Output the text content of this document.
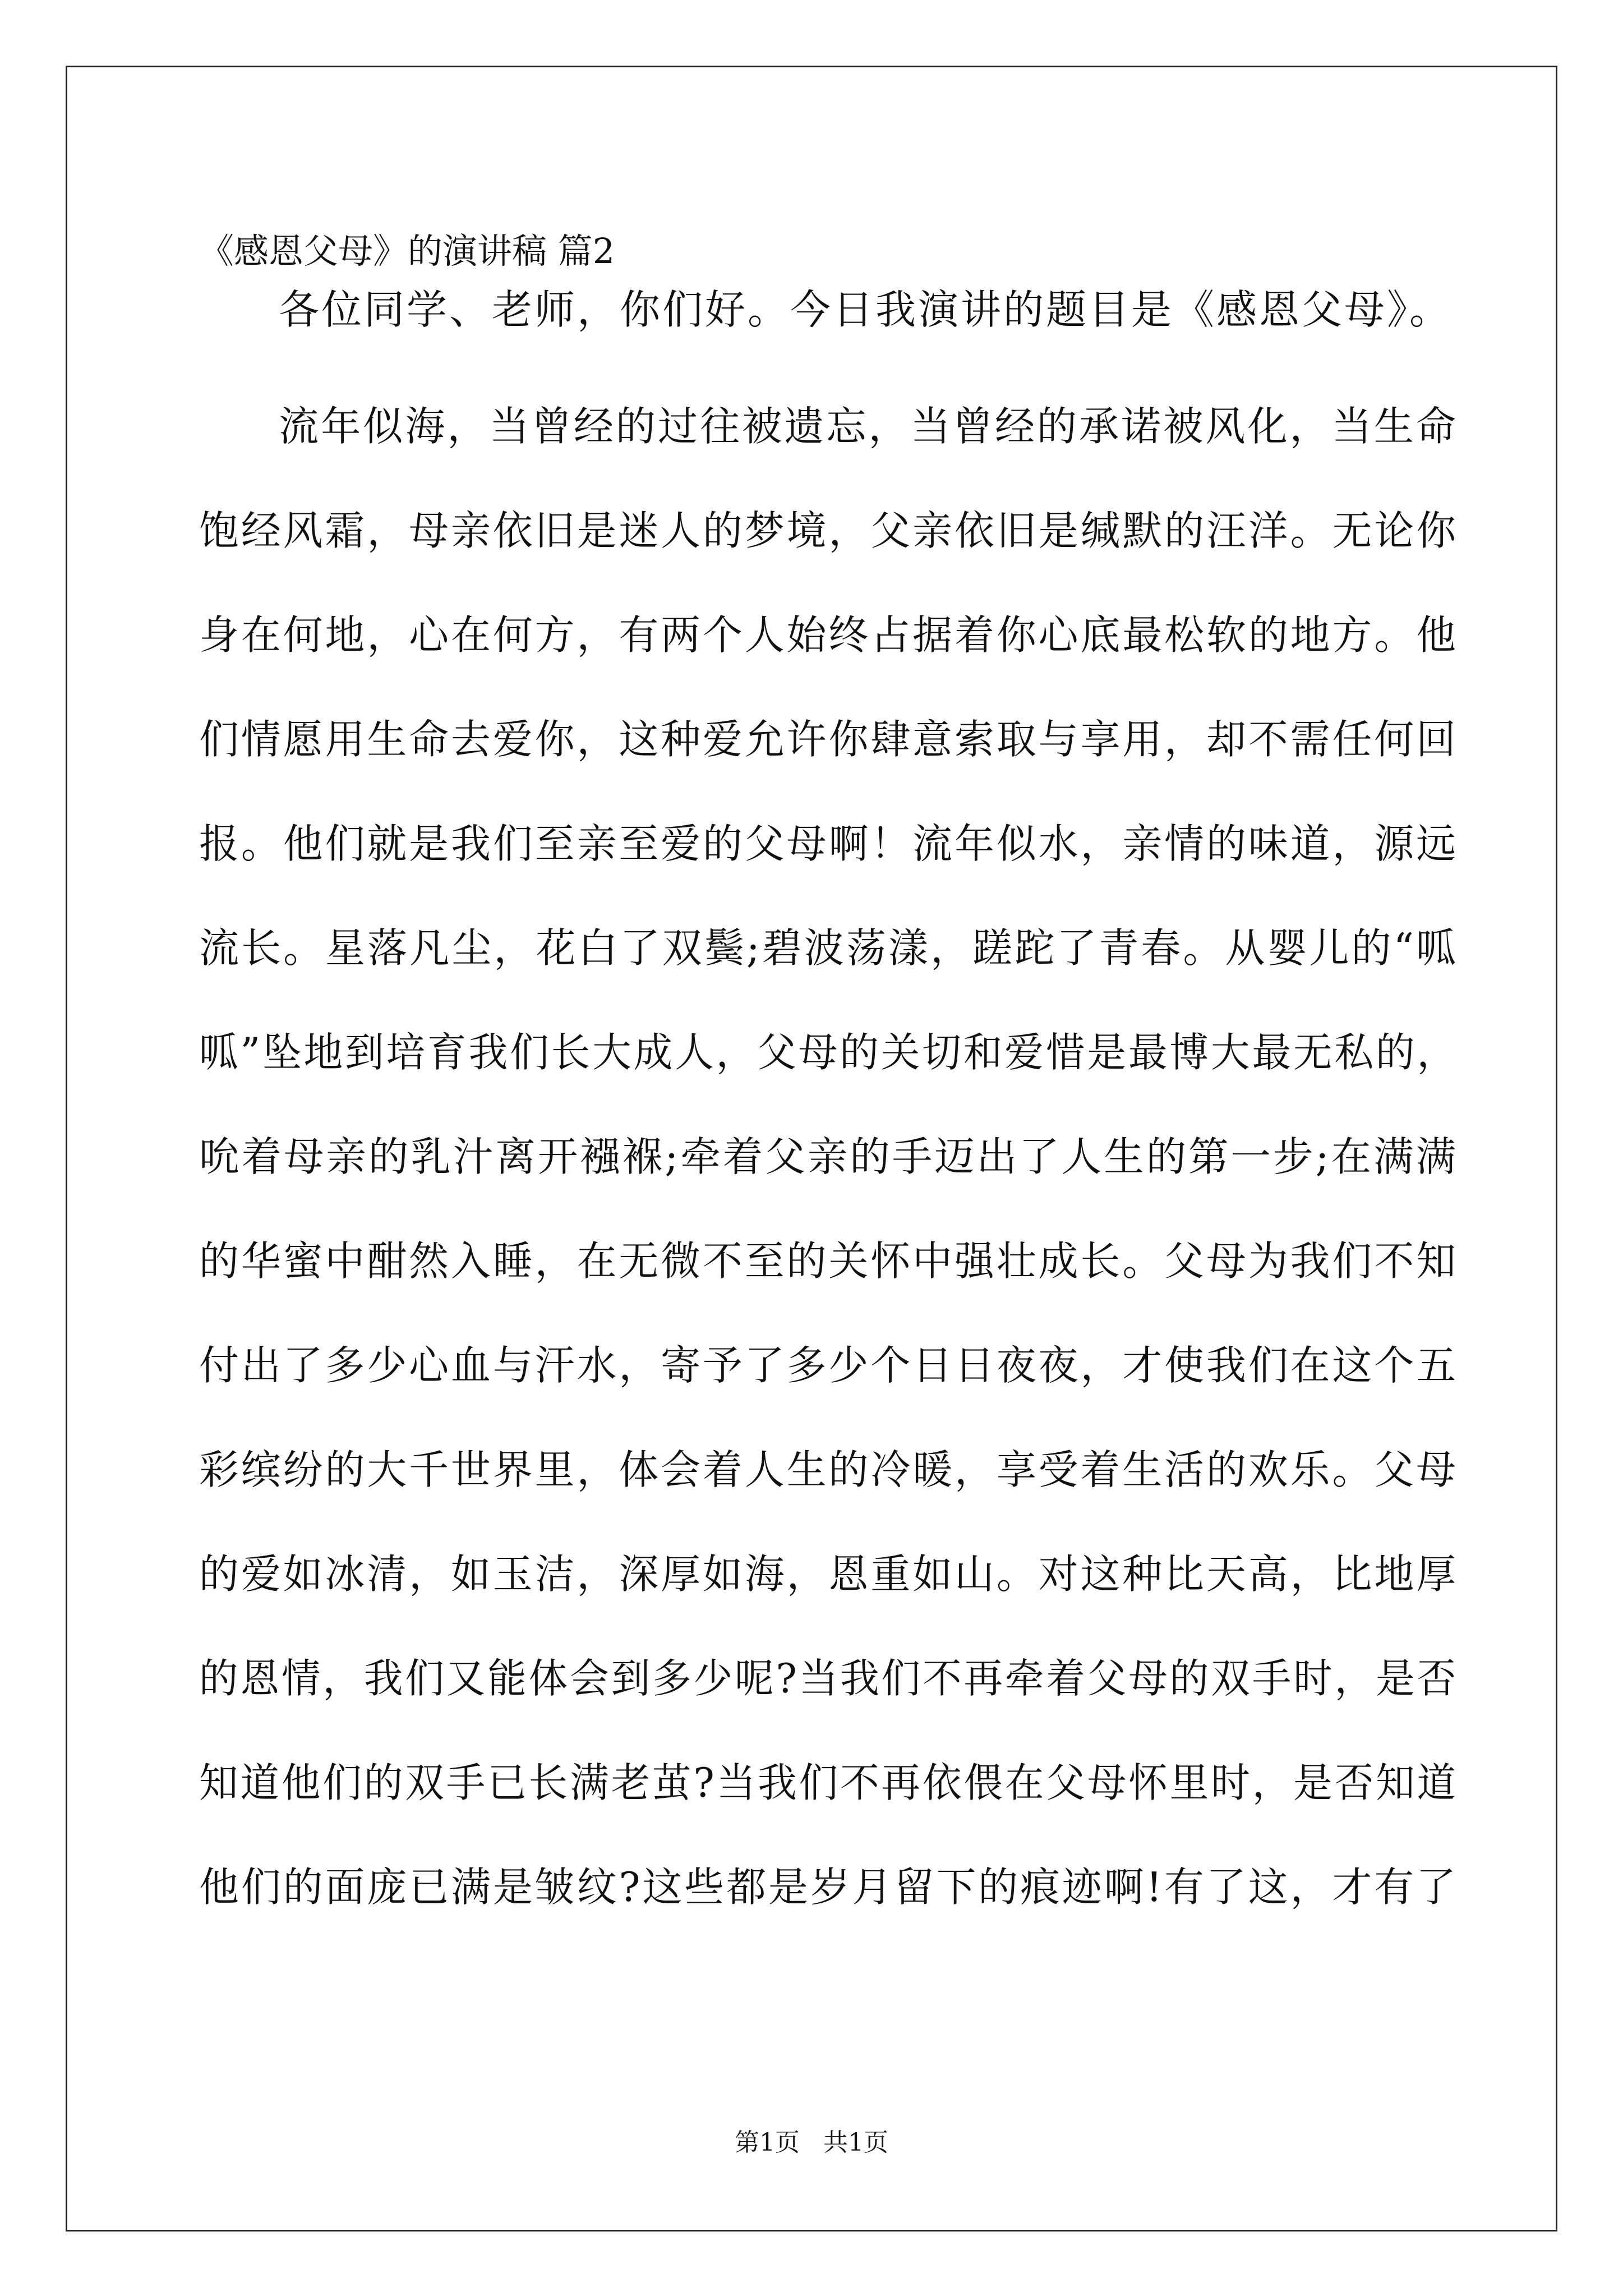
《感恩父母》的演讲稿 篇2
各位同学、老师，你们好。今日我演讲的题目是《感恩父母》。
流年似海，当曾经的过往被遗忘，当曾经的承诺被风化，当生命
饱经风霜，母亲依旧是迷人的梦境，父亲依旧是缄默的汪洋。无论你
身在何地，心在何方，有两个人始终占据着你心底最松软的地方。他
们情愿用生命去爱你，这种爱允许你肆意索取与享用，却不需任何回
报。他们就是我们至亲至爱的父母啊！流年似水，亲情的味道，源远
流长。星落凡尘，花白了双鬓;碧波荡漾，蹉跎了青春。从婴儿的“呱
呱”坠地到培育我们长大成人，父母的关切和爱惜是最博大最无私的，
吮着母亲的乳汁离开襁褓;牵着父亲的手迈出了人生的第一步;在满满
的华蜜中酣然入睡，在无微不至的关怀中强壮成长。父母为我们不知
付出了多少心血与汗水，寄予了多少个日日夜夜，才使我们在这个五
彩缤纷的大千世界里，体会着人生的冷暖，享受着生活的欢乐。父母
的爱如冰清，如玉洁，深厚如海，恩重如山。对这种比天高，比地厚
的恩情，我们又能体会到多少呢?当我们不再牵着父母的双手时，是否
知道他们的双手已长满老茧?当我们不再依偎在父母怀里时，是否知道
他们的面庞已满是皱纹?这些都是岁月留下的痕迹啊!有了这，才有了
第1页   共1页
